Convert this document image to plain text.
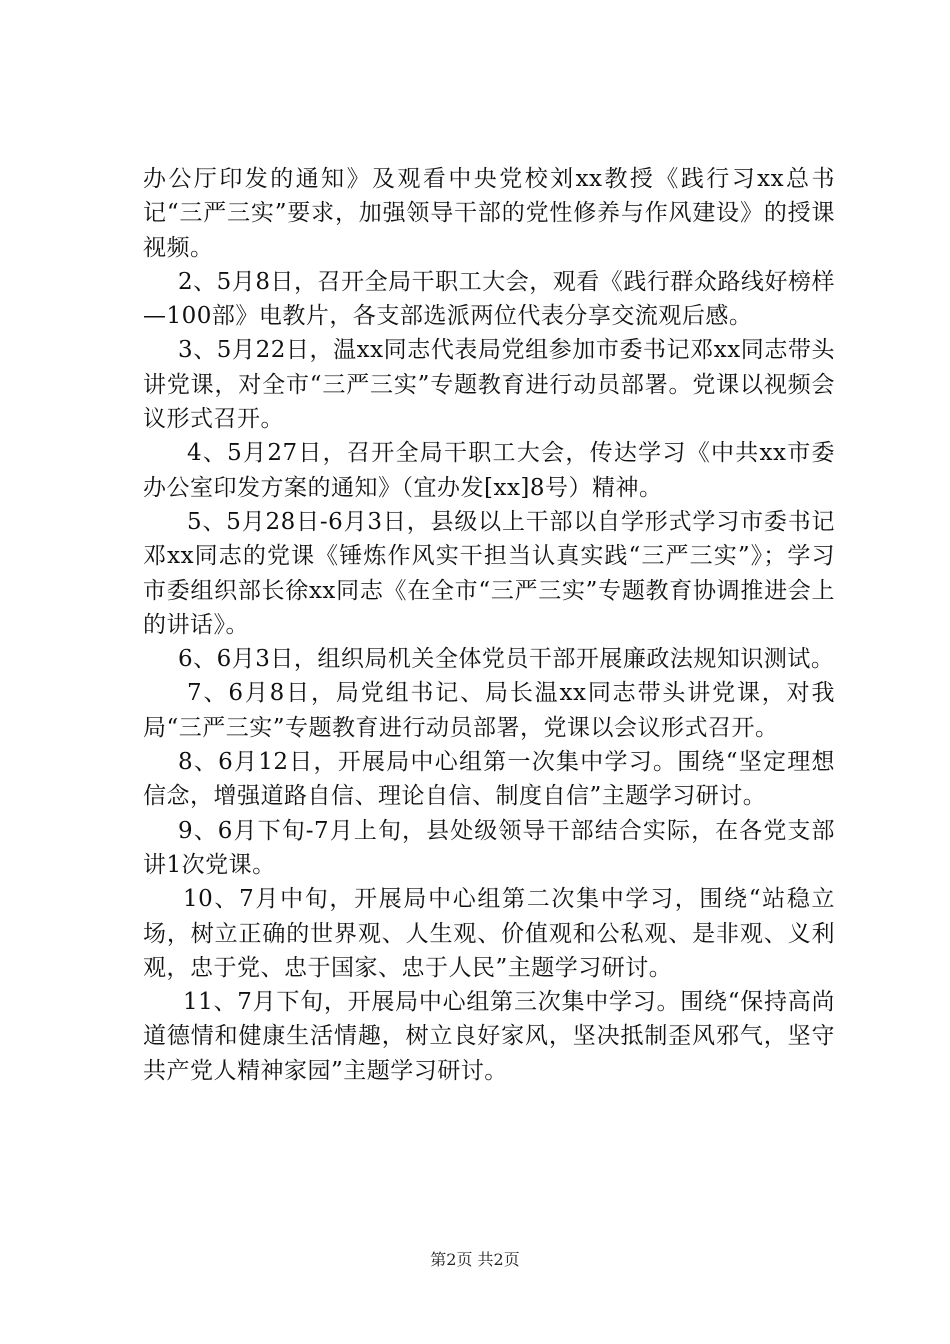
办公厅印发的通知》及观看中央党校刘xx教授《践行习xx总书记“三严三实”要求，加强领导干部的党性修养与作风建设》的授课视频。

2、5月8日，召开全局干职工大会，观看《践行群众路线好榜样—100部》电教片，各支部选派两位代表分享交流观后感。

3、5月22日，温xx同志代表局党组参加市委书记邓xx同志带头讲党课，对全市“三严三实”专题教育进行动员部署。党课以视频会议形式召开。

4、5月27日，召开全局干职工大会，传达学习《中共xx市委办公室印发方案的通知》（宜办发[xx]8号）精神。

5、5月28日-6月3日，县级以上干部以自学形式学习市委书记邓xx同志的党课《锤炼作风实干担当认真实践“三严三实”》；学习市委组织部长徐xx同志《在全市“三严三实”专题教育协调推进会上的讲话》。

6、6月3日，组织局机关全体党员干部开展廉政法规知识测试。

7、6月8日，局党组书记、局长温xx同志带头讲党课，对我局“三严三实”专题教育进行动员部署，党课以会议形式召开。

8、6月12日，开展局中心组第一次集中学习。围绕“坚定理想信念，增强道路自信、理论自信、制度自信”主题学习研讨。

9、6月下旬-7月上旬，县处级领导干部结合实际，在各党支部讲1次党课。

10、7月中旬，开展局中心组第二次集中学习，围绕“站稳立场，树立正确的世界观、人生观、价值观和公私观、是非观、义利观，忠于党、忠于国家、忠于人民”主题学习研讨。

11、7月下旬，开展局中心组第三次集中学习。围绕“保持高尚道德情和健康生活情趣，树立良好家风，坚决抵制歪风邪气，坚守共产党人精神家园”主题学习研讨。

第2页 共2页
